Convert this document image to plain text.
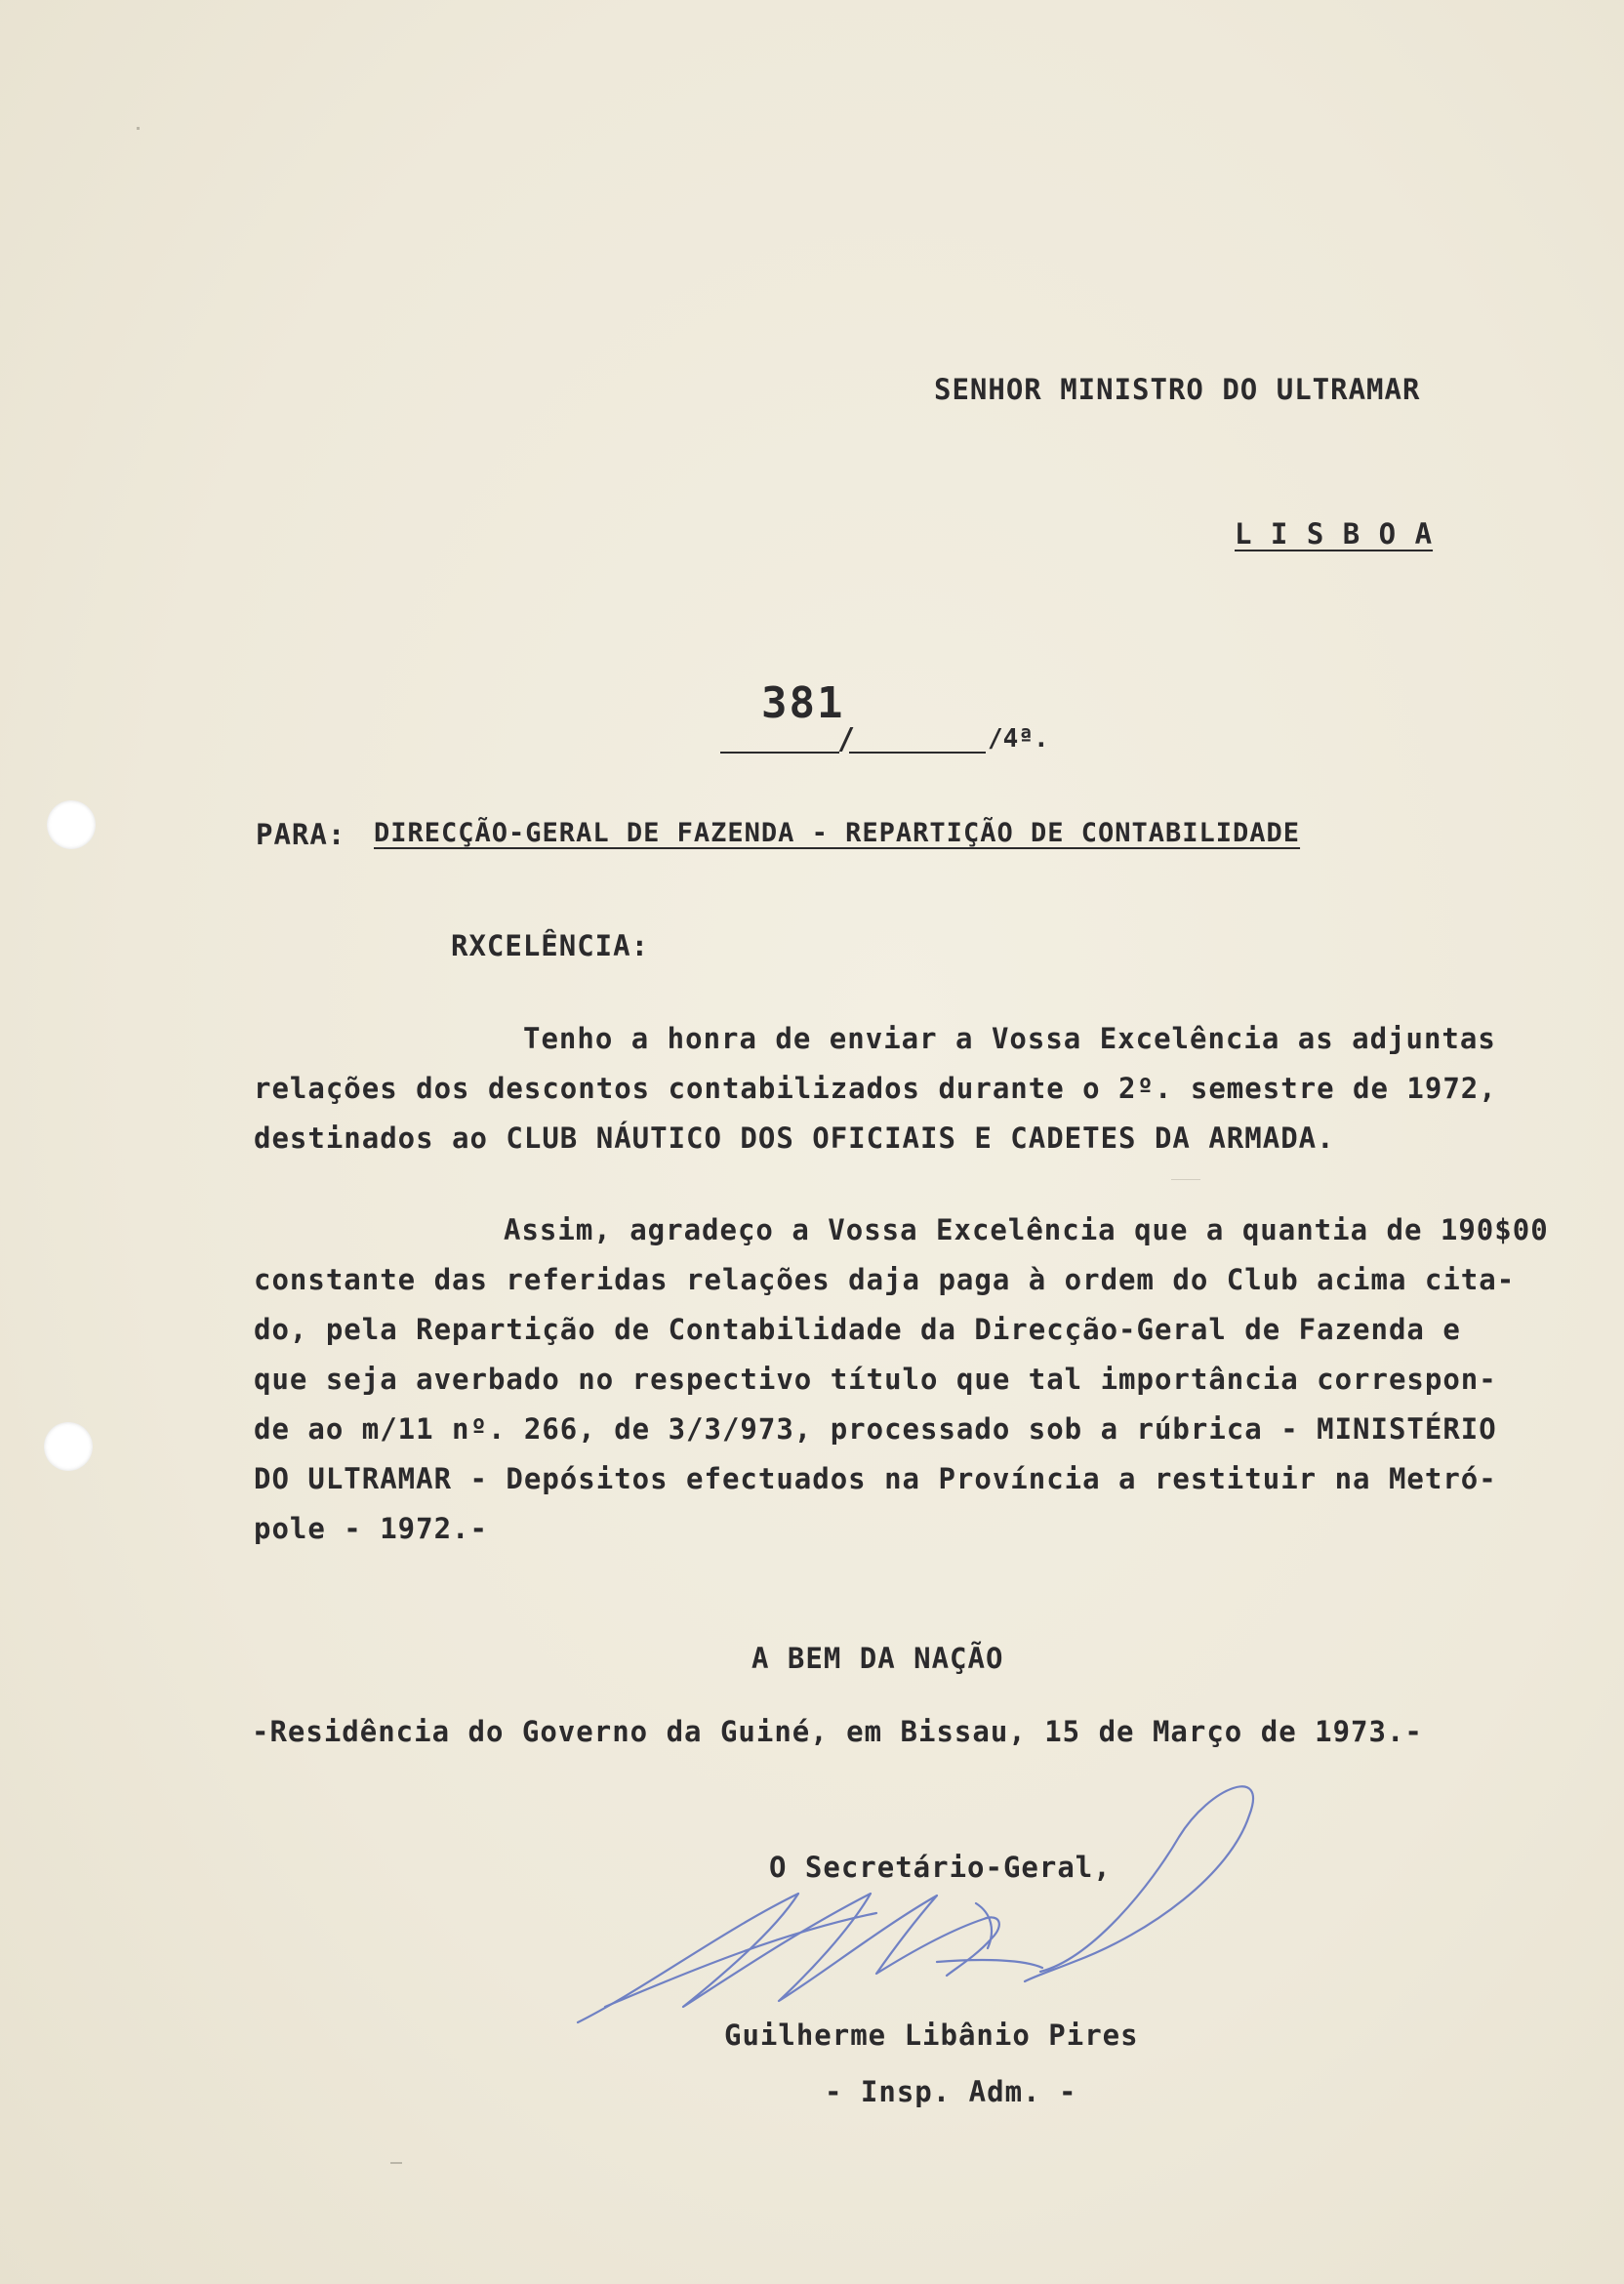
SENHOR MINISTRO DO ULTRAMAR
L I S B O A
381
/	/4ª.
PARA: DIRECÇÃO-GERAL DE FAZENDA - REPARTIÇÃO DE CONTABILIDADE
RXCELÊNCIA:
Tenho a honra de enviar a Vossa Excelência as adjuntas
relações dos descontos contabilizados durante o 2º. semestre de 1972,
destinados ao CLUB NÁUTICO DOS OFICIAIS E CADETES DA ARMADA.
Assim, agradeço a Vossa Excelência que a quantia de 190$00
constante das referidas relações daja paga à ordem do Club acima cita-
do, pela Repartição de Contabilidade da Direcção-Geral de Fazenda e
que seja averbado no respectivo título que tal importância correspon-
de ao m/11 nº. 266, de 3/3/973, processado sob a rúbrica - MINISTÉRIO
DO ULTRAMAR - Depósitos efectuados na Província a restituir na Metró-
pole - 1972.-
A BEM DA NAÇÃO
-Residência do Governo da Guiné, em Bissau, 15 de Março de 1973.-
O Secretário-Geral,
Guilherme Libânio Pires
- Insp. Adm. -
